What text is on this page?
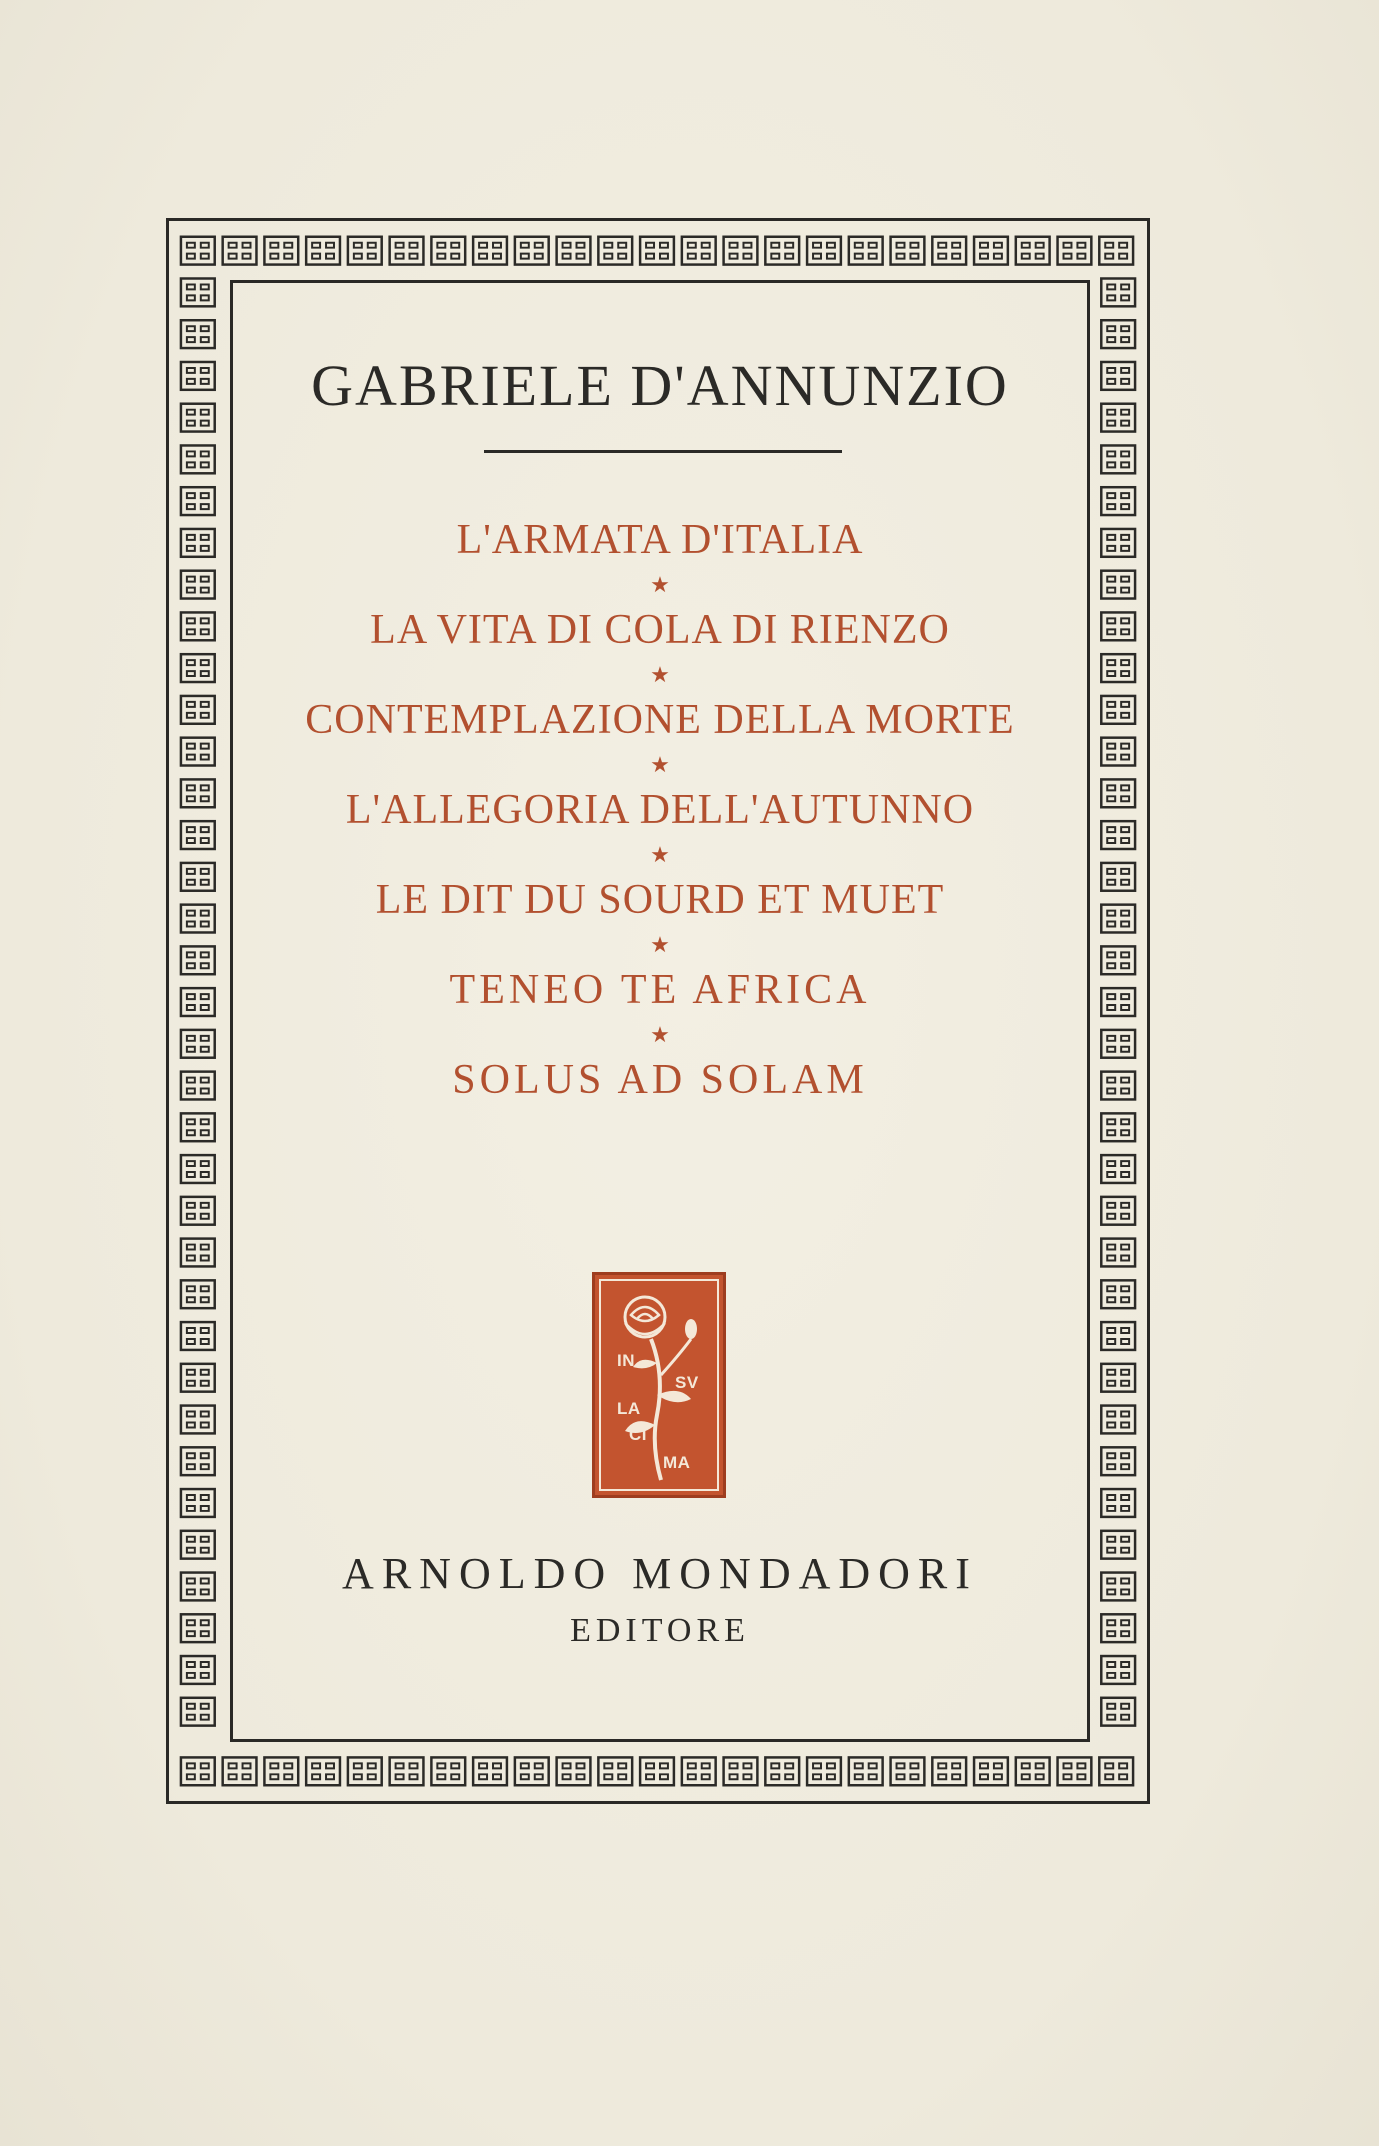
GABRIELE D'ANNUNZIO
L'ARMATA D'ITALIA
★
LA VITA DI COLA DI RIENZO
★
CONTEMPLAZIONE DELLA MORTE
★
L'ALLEGORIA DELL'AUTUNNO
★
LE DIT DU SOURD ET MUET
★
TENEO TE AFRICA
★
SOLUS AD SOLAM
IN
SV
LA
CI
MA
ARNOLDO MONDADORI
EDITORE
